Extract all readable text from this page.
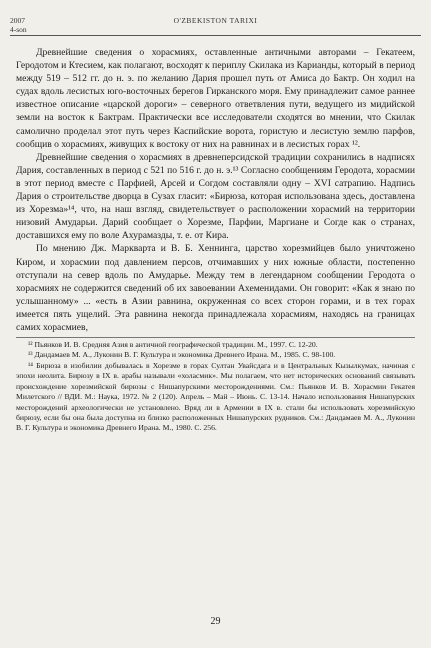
2007
4-son
O'ZBEKISTON TARIXI

Древнейшие сведения о хорасмиях, оставленные античными авторами – Гекатеем, Геродотом и Ктесием, как полагают, восходят к периплу Скилака из Карианды, который в период между 519 – 512 гг. до н. э. по желанию Дария прошел путь от Амиса до Бактр. Он ходил на судах вдоль лесистых юго-восточных берегов Гирканского моря. Ему принадлежит самое раннее известное описание «царской дороги» – северного ответвления пути, ведущего из мидийской земли на восток к Бактрам. Практически все исследователи сходятся во мнении, что Скилак самолично проделал этот путь через Каспийские ворота, гористую и лесистую землю парфов, сообщив о хорасмиях, живущих к востоку от них на равнинах и в лесистых горах ¹².

Древнейшие сведения о хорасмиях в древнеперсидской традиции сохранились в надписях Дария, составленных в период с 521 по 516 г. до н. э.¹³ Согласно сообщениям Геродота, хорасмии в этот период вместе с Парфией, Арсей и Согдом составляли одну – XVI сатрапию. Надпись Дария о строительстве дворца в Сузах гласит: «Бирюза, которая использована здесь, доставлена из Хорезма»¹⁴, что, на наш взгляд, свидетельствует о расположении хорасмий на территории низовий Амударьи. Дарий сообщает о Хорезме, Парфии, Маргиане и Согде как о странах, доставшихся ему по воле Ахурамазды, т. е. от Кира.

По мнению Дж. Маркварта и В. Б. Хеннинга, царство хорезмийцев было уничтожено Киром, и хорасмии под давлением персов, отчимавших у них южные области, постепенно отступали на север вдоль по Амударье. Между тем в легендарном сообщении Геродота о хорасмиях не содержится сведений об их завоевании Ахеменидами. Он говорит: «Как я знаю по услышанному» ... «есть в Азии равнина, окруженная со всех сторон горами, и в тех горах имеется пять ущелий. Эта равнина некогда принадлежала хорасмиям, находясь на границах самих хорасмиев,

¹² Пьянков И. В. Средняя Азия в античной географической традиции. М., 1997. С. 12-20.

¹³ Дандамаев М. А., Луконин В. Г. Культура и экономика Древнего Ирана. М., 1985. С. 98-100.

¹⁴ Бирюза в изобилии добывалась в Хорезме в горах Султан Увайсдага и в Центральных Кызылкумах, начиная с эпохи неолита. Бирюзу в IX в. арабы называли «холасмик». Мы полагаем, что нет исторических оснований связывать происхождение хорезмийской бирюзы с Нишапурскими месторождениями. См.: Пьянков И. В. Хорасмии Гекатея Милетского // ВДИ. М.: Наука, 1972. № 2 (120). Апрель – Май – Июнь. С. 13-14. Начало использования Нишапурских месторождений археологически не установлено. Вряд ли в Армении в IX в. стали бы использовать хорезмийскую бирюзу, если бы она была доступна из близко расположенных Нишапурских рудников. См.: Дандамаев М. А., Луконин В. Г. Культура и экономика Древнего Ирана. М., 1980. С. 256.

29
